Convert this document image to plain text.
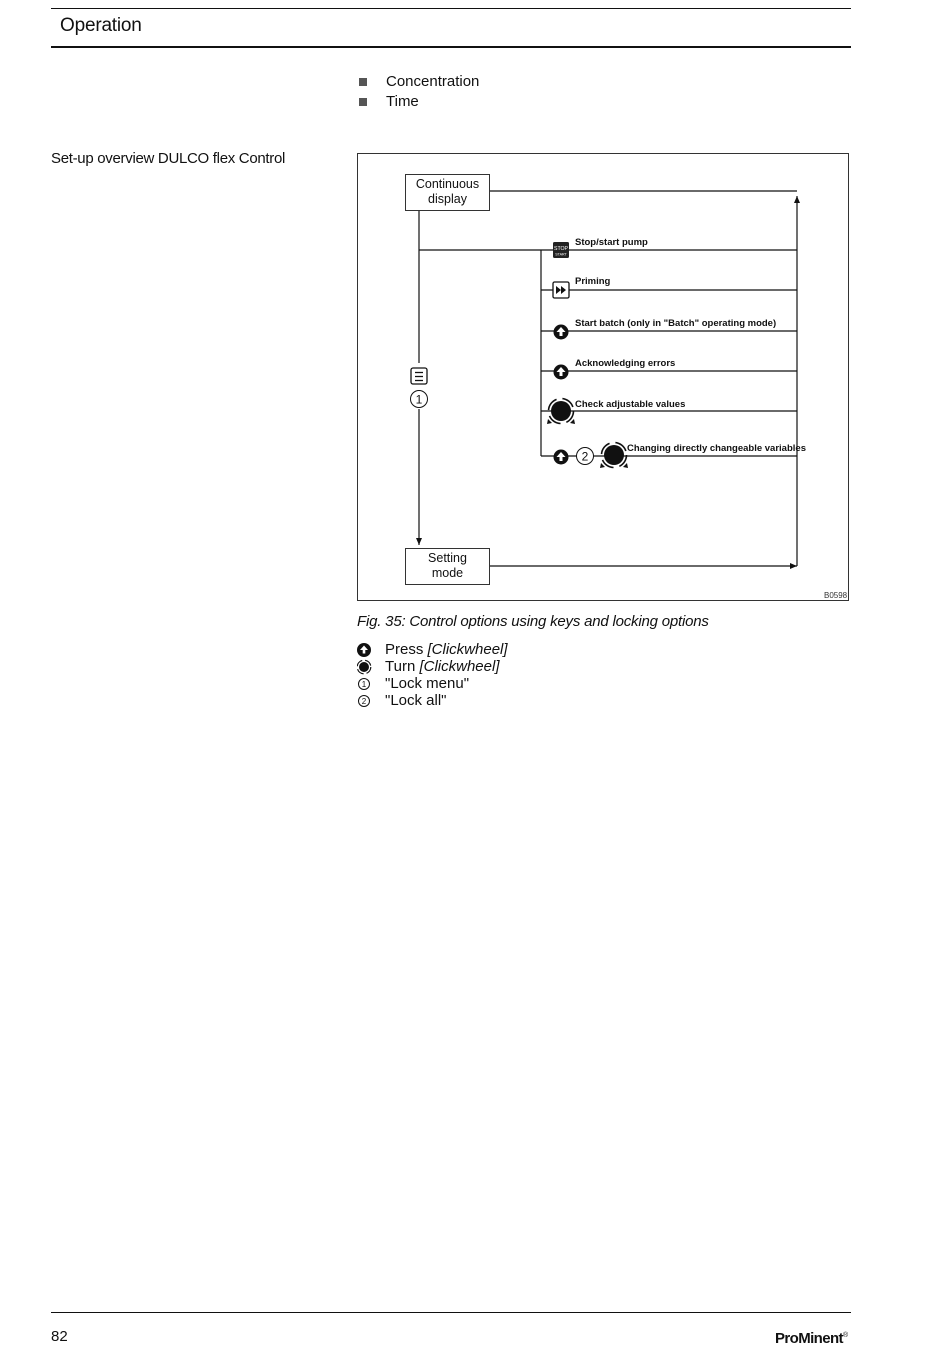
Operation
Concentration
Time
Set-up overview DULCO flex Control
1
STOP
START
2
Continuous
display
Setting
mode
Stop/start pump
Priming
Start batch (only in "Batch" operating mode)
Acknowledging errors
Check adjustable values
Changing directly changeable variables
B0598
Fig. 35: Control options using keys and locking options
Press
[Clickwheel]
Turn
[Clickwheel]
1 "Lock menu"
2 "Lock all"
82	ProMinent®
